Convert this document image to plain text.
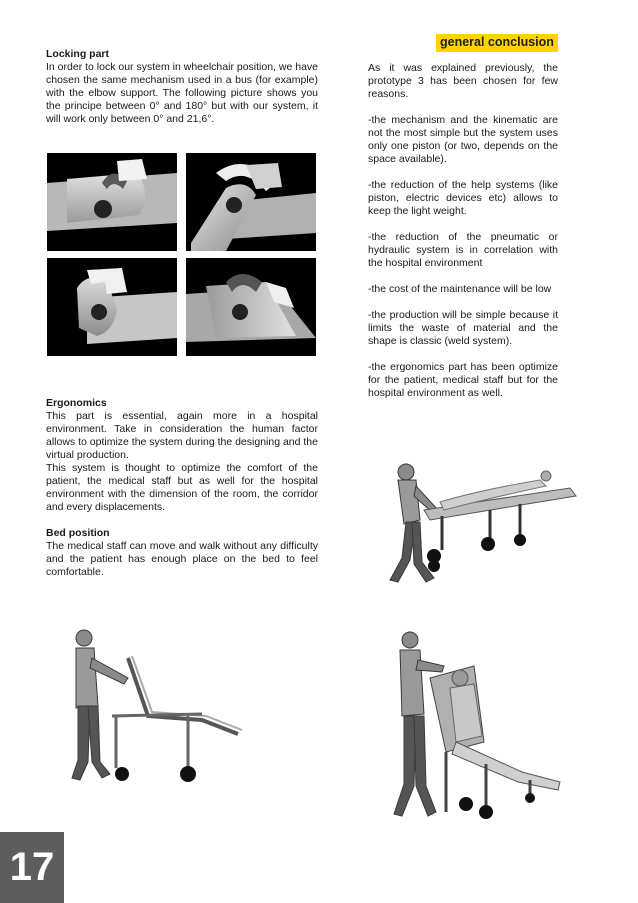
Locking part

In order to lock our system in wheelchair position, we have chosen the same mechanism used in a bus (for example) with the elbow support. The following picture shows you the principe between 0° and 180° but with our system, it will work only between 0° and 21,6°.

Ergonomics

This part is essential, again more in a hospital environment. Take in consideration the human factor allows to optimize the system during the designing and the virtual production.

This system is thought to optimize the comfort of the patient, the medical staff but as well for the hospital environment with the dimension of the room, the corridor and every displacements.

Bed position

The medical staff can move and walk without any difficulty and the patient has enough place on the bed to feel comfortable.

general conclusion

As it was explained previously, the prototype 3 has been chosen for few reasons.

-the mechanism and the kinematic are not the most simple but the system uses only one piston (or two, depends on the space available).

-the reduction of the help systems (like piston, electric devices etc) allows to keep the light weight.

-the reduction of the pneumatic or hydraulic system is in correlation with the hospital environment

-the cost of the maintenance will be low

-the production will be simple because it limits the waste of material and the shape is classic (weld system).

-the ergonomics part has been optimize for the patient, medical staff but for the hospital environment as well.

17
